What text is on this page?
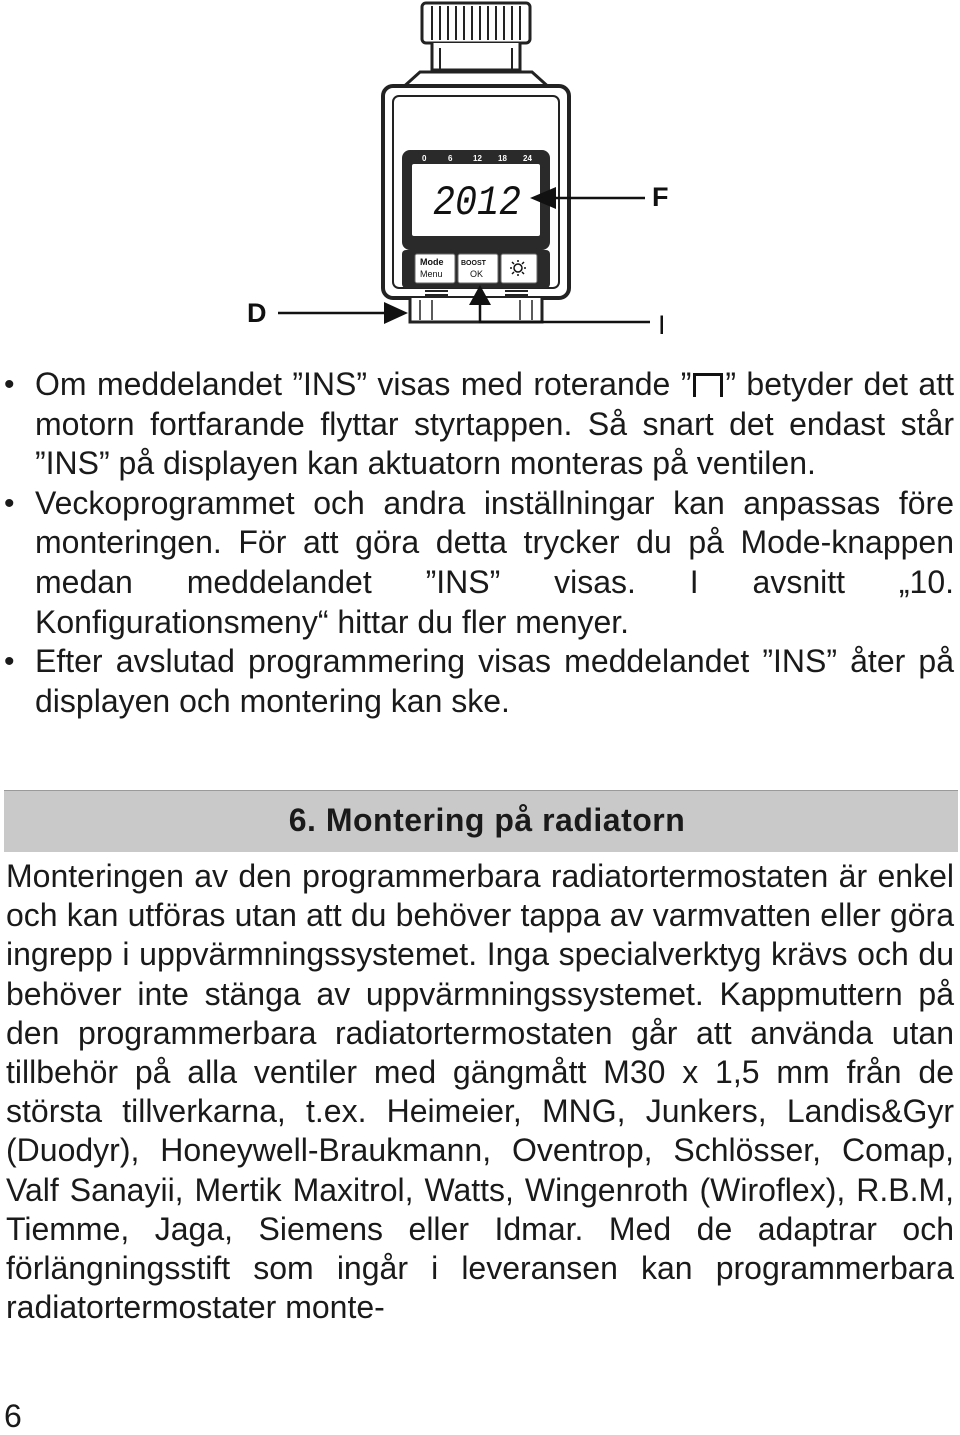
0	6	12 18 24
2012
Mode
Menu
BOOST
OK
F
D	I
• Om meddelandet ”INS” visas med roterande ” ” betyder det att motorn fortfarande flyttar styrtappen. Så snart det endast står ”INS” på displayen kan aktuatorn monteras på ventilen.
• Veckoprogrammet och andra inställningar kan anpassas före monteringen. För att göra detta trycker du på Mode-knappen medan meddelandet ”INS” visas. I avsnitt „10. Konfigurationsmeny“ hittar du fler menyer.
• Efter avslutad programmering visas meddelandet ”INS” åter på displayen och montering kan ske.
6. Montering på radiatorn

Monteringen av den programmerbara radiatortermostaten är enkel och kan utföras utan att du behöver tappa av varmvatten eller göra ingrepp i uppvärmningssystemet. Inga specialverktyg krävs och du behöver inte stänga av uppvärmningssystemet. Kappmuttern på den programmerbara radiatortermostaten går att använda utan tillbehör på alla ventiler med gängmått M30 x 1,5 mm från de största tillverkarna, t.ex. Heimeier, MNG, Junkers, Landis&Gyr (Duodyr), Honeywell-Braukmann, Oventrop, Schlösser, Comap, Valf Sanayii, Mertik Maxitrol, Watts, Wingenroth (Wiroflex), R.B.M, Tiemme, Jaga, Siemens eller Idmar. Med de adaptrar och förlängningsstift som ingår i leveransen kan programmerbara radiatortermostater monte-

6
